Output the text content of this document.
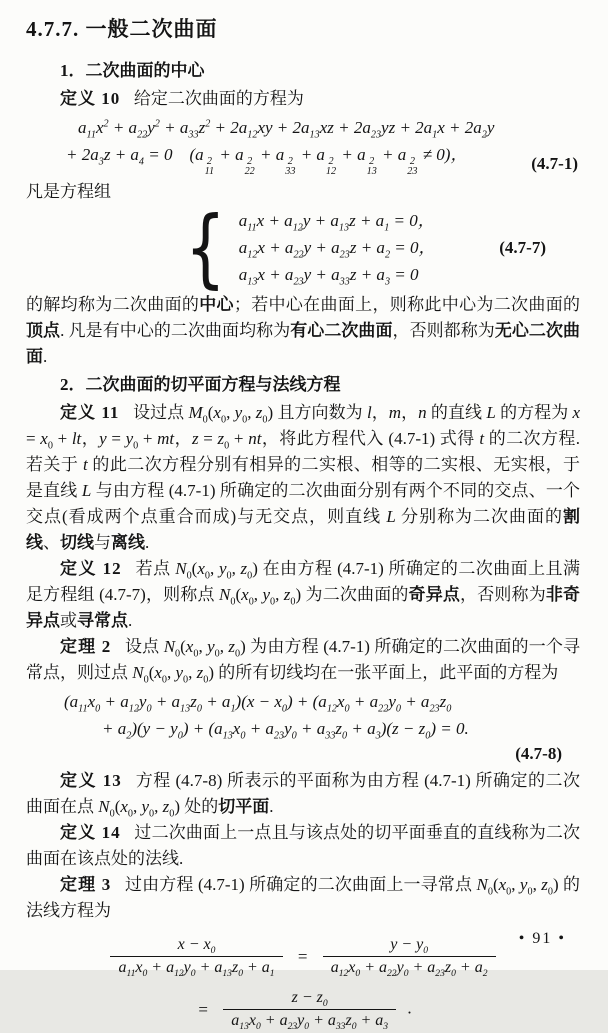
4.7.7. 一般二次曲面

1．二次曲面的中心

定义 10 给定二次曲面的方程为

$a_{11}x^2 + a_{22}y^2 + a_{33}z^2 + 2a_{12}xy + 2a_{13}xz + 2a_{23}yz + 2a_1x + 2a_2y$
+ $2a_3z + a_4 = 0$　(a 2
11
+ a 2
22
+ a 2
33
+ a 2
12
+ a 2
13
+ a 2
23
≠ 0)，	(4.7-1)

凡是方程组

{ $a_{11}x + a_{12}y + a_{13}z + a_1 = 0$，
$a_{12}x + a_{22}y + a_{23}z + a_2 = 0$，
$a_{13}x + a_{23}y + a_{33}z + a_3 = 0$
(4.7-7)

的解均称为二次曲面的中心；若中心在曲面上，则称此中心为二次曲面的顶点. 凡是有中心的二次曲面均称为有心二次曲面，否则都称为无心二次曲面.

2．二次曲面的切平面方程与法线方程

定义 11 设过点 $M_0(x_0$, $y_0$, $z_0$) 且方向数为 l，m，n 的直线 L 的方程为 $x = x_0$ + lt，$y = y_0$ + mt，$z = z_0$ + nt，将此方程代入 (4.7-1) 式得 t 的二次方程. 若关于 t 的此二次方程分别有相异的二实根、相等的二实根、无实根，于是直线 L 与由方程 (4.7-1) 所确定的二次曲面分别有两个不同的交点、一个交点(看成两个点重合而成)与无交点，则直线 L 分别称为二次曲面的割线、切线与离线.

定义 12 若点 $N_0(x_0$, $y_0$, $z_0$) 在由方程 (4.7-1) 所确定的二次曲面上且满足方程组 (4.7-7)，则称点 $N_0(x_0$, $y_0$, $z_0$) 为二次曲面的奇异点，否则称为非奇异点或寻常点.

定理 2 设点 $N_0(x_0$, $y_0$, $z_0$) 为由方程 (4.7-1) 所确定的二次曲面的一个寻常点，则过点 $N_0(x_0$, $y_0$, $z_0$) 的所有切线均在一张平面上，此平面的方程为

$(a_{11}x_0 + a_{12}y_0 + a_{13}z_0 + a_1)(x - x_0) + (a_{12}x_0 + a_{22}y_0 + a_{23}z_0$
+ $a_2)(y - y_0) + (a_{13}x_0 + a_{23}y_0 + a_{33}z_0 + a_3)(z - z_0) = 0$.
(4.7-8)

定义 13 方程 (4.7-8) 所表示的平面称为由方程 (4.7-1) 所确定的二次曲面在点 $N_0(x_0$, $y_0$, $z_0$) 处的切平面.

定义 14 过二次曲面上一点且与该点处的切平面垂直的直线称为二次曲面在该点处的法线.

定理 3 过由方程 (4.7-1) 所确定的二次曲面上一寻常点 $N_0(x_0$, $y_0$, $z_0$) 的法线方程为

$\frac{x - x_0}{a_{11}x_0 + a_{12}y_0 + a_{13}z_0 + a_1} = \frac{y - y_0}{a_{12}x_0 + a_{22}y_0 + a_{23}z_0 + a_2}$
= $\frac{z - z_0}{a_{13}x_0 + a_{23}y_0 + a_{33}z_0 + a_3}$ .
• 91 •
